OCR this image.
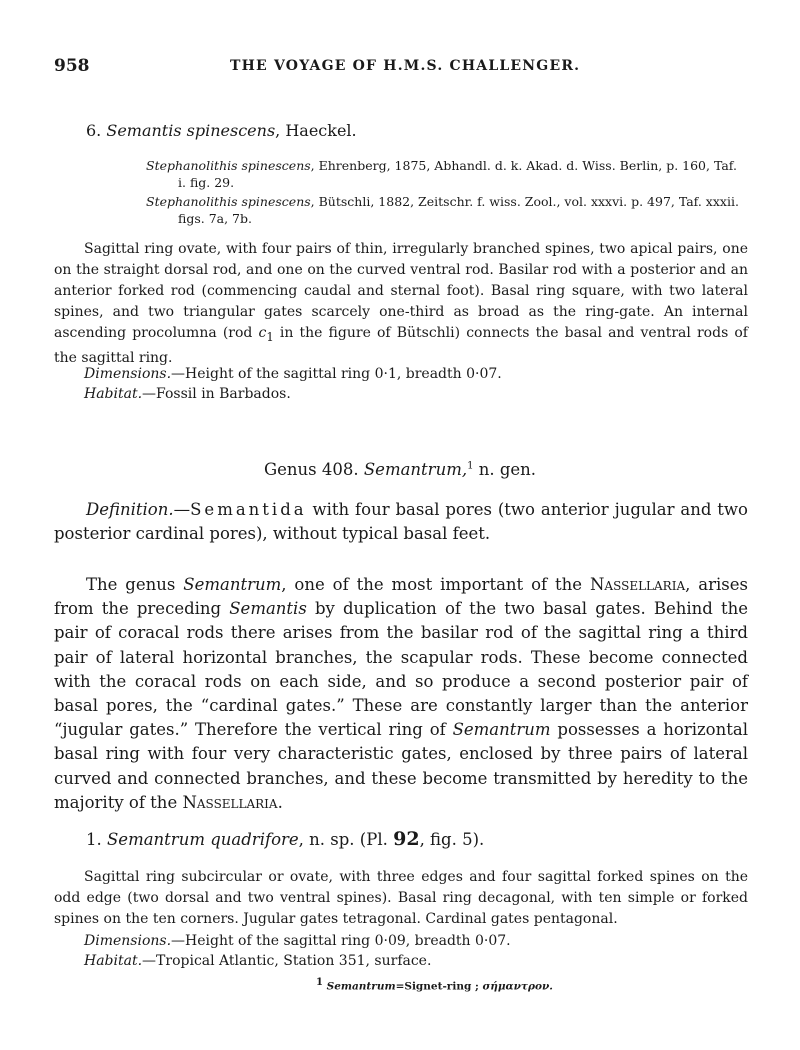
958	THE VOYAGE OF H.M.S. CHALLENGER.
6. Semantis spinescens, Haeckel.
Stephanolithis spinescens, Ehrenberg, 1875, Abhandl. d. k. Akad. d. Wiss. Berlin, p. 160, Taf.
i. fig. 29.
Stephanolithis spinescens, Bütschli, 1882, Zeitschr. f. wiss. Zool., vol. xxxvi. p. 497, Taf. xxxii.
figs. 7a, 7b.
Sagittal ring ovate, with four pairs of thin, irregularly branched spines, two apical pairs, one on the straight dorsal rod, and one on the curved ventral rod. Basilar rod with a posterior and an anterior forked rod (commencing caudal and sternal foot). Basal ring square, with two lateral spines, and two triangular gates scarcely one-third as broad as the ring-gate. An internal ascending procolumna (rod $c_1$ in the figure of Bütschli) connects the basal and ventral rods of the sagittal ring.
Dimensions.—Height of the sagittal ring 0·1, breadth 0·07.
Habitat.—Fossil in Barbados.
Genus 408. Semantrum,$^1$ n. gen.
Definition.—Semantida with four basal pores (two anterior jugular and two posterior cardinal pores), without typical basal feet.
The genus Semantrum, one of the most important of the Nassellaria, arises from the preceding Semantis by duplication of the two basal gates. Behind the pair of coracal rods there arises from the basilar rod of the sagittal ring a third pair of lateral horizontal branches, the scapular rods. These become connected with the coracal rods on each side, and so produce a second posterior pair of basal pores, the “cardinal gates.” These are constantly larger than the anterior “jugular gates.” Therefore the vertical ring of Semantrum possesses a horizontal basal ring with four very characteristic gates, enclosed by three pairs of lateral curved and connected branches, and these become transmitted by heredity to the majority of the Nassellaria.
1. Semantrum quadrifore, n. sp. (Pl. 92, fig. 5).
Sagittal ring subcircular or ovate, with three edges and four sagittal forked spines on the odd edge (two dorsal and two ventral spines). Basal ring decagonal, with ten simple or forked spines on the ten corners. Jugular gates tetragonal. Cardinal gates pentagonal.
Dimensions.—Height of the sagittal ring 0·09, breadth 0·07.
Habitat.—Tropical Atlantic, Station 351, surface.
$^1$ Semantrum=Signet-ring ; σήμαντρον.
